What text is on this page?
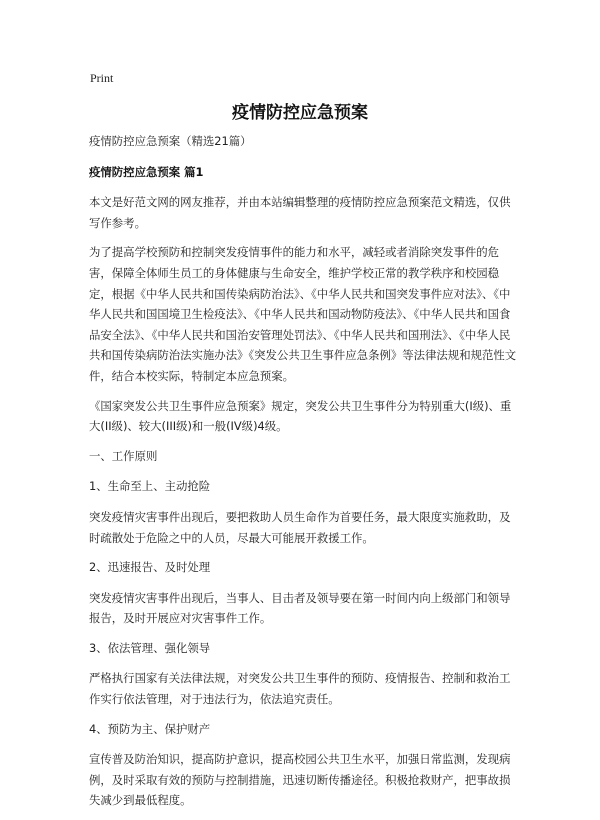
Print
疫情防控应急预案

疫情防控应急预案（精选21篇）

疫情防控应急预案 篇1

本文是好范文网的网友推荐，并由本站编辑整理的疫情防控应急预案范文精选，仅供写作参考。

为了提高学校预防和控制突发疫情事件的能力和水平，减轻或者消除突发事件的危害，保障全体师生员工的身体健康与生命安全，维护学校正常的教学秩序和校园稳定，根据《中华人民共和国传染病防治法》、《中华人民共和国突发事件应对法》、《中华人民共和国国境卫生检疫法》、《中华人民共和国动物防疫法》、《中华人民共和国食品安全法》、《中华人民共和国治安管理处罚法》、《中华人民共和国刑法》、《中华人民共和国传染病防治法实施办法》《突发公共卫生事件应急条例》等法律法规和规范性文件，结合本校实际，特制定本应急预案。

《国家突发公共卫生事件应急预案》规定，突发公共卫生事件分为特别重大(I级)、重大(II级)、较大(III级)和一般(IV级)4级。

一、工作原则

1、生命至上、主动抢险

突发疫情灾害事件出现后，要把救助人员生命作为首要任务，最大限度实施救助，及时疏散处于危险之中的人员，尽最大可能展开救援工作。

2、迅速报告、及时处理

突发疫情灾害事件出现后，当事人、目击者及领导要在第一时间内向上级部门和领导报告，及时开展应对灾害事件工作。

3、依法管理、强化领导

严格执行国家有关法律法规，对突发公共卫生事件的预防、疫情报告、控制和救治工作实行依法管理，对于违法行为，依法追究责任。

4、预防为主、保护财产

宣传普及防治知识，提高防护意识，提高校园公共卫生水平，加强日常监测，发现病例，及时采取有效的预防与控制措施，迅速切断传播途径。积极抢救财产，把事故损失减少到最低程度。
